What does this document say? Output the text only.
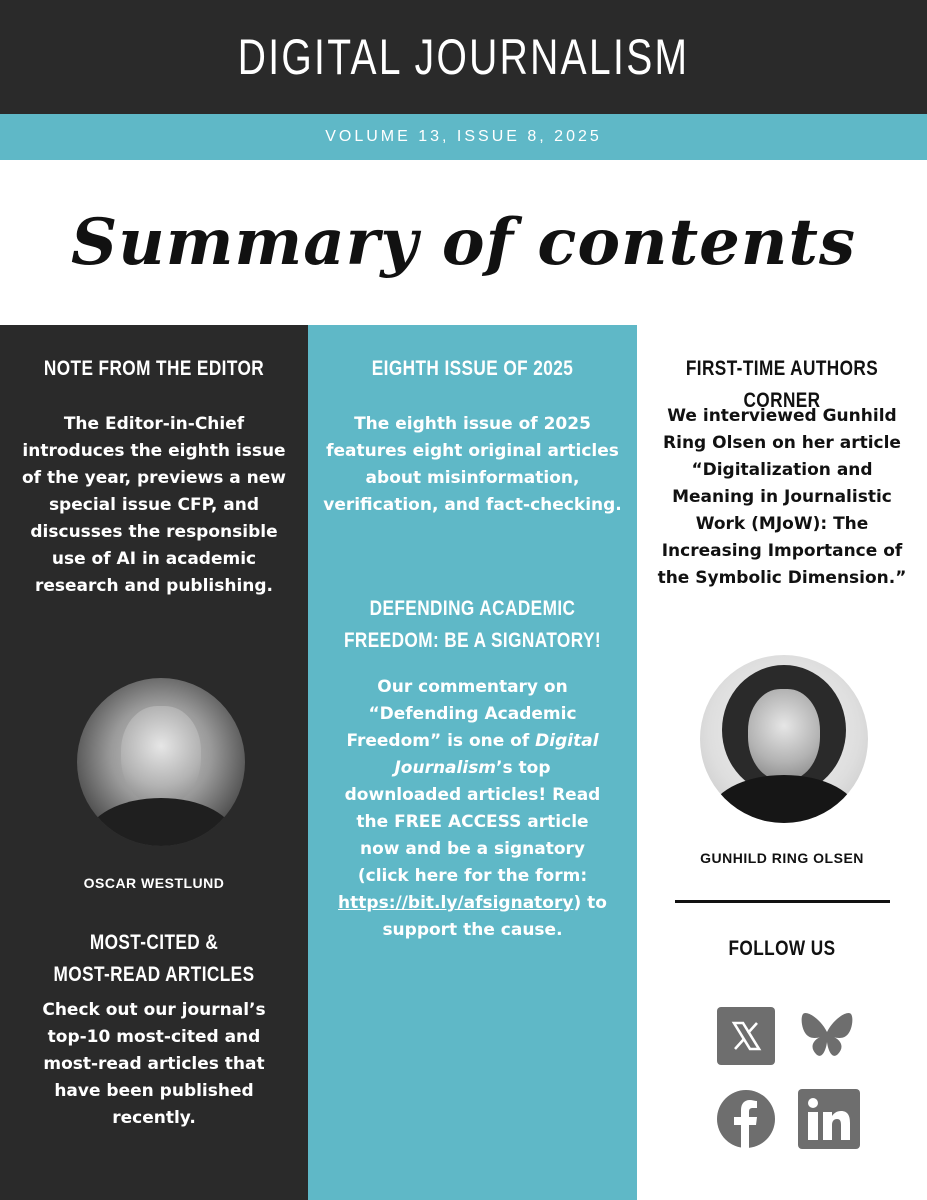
DIGITAL JOURNALISM
VOLUME 13, ISSUE 8, 2025
Summary of contents
NOTE FROM THE EDITOR
The Editor-in-Chief introduces the eighth issue of the year, previews a new special issue CFP, and discusses the responsible use of AI in academic research and publishing.
OSCAR WESTLUND
MOST-CITED &
MOST-READ ARTICLES
Check out our journal’s top-10 most-cited and most-read articles that have been published recently.
EIGHTH ISSUE OF 2025
The eighth issue of 2025 features eight original articles about misinformation, verification, and fact-checking.
DEFENDING ACADEMIC
FREEDOM: BE A SIGNATORY!
Our commentary on “Defending Academic Freedom” is one of Digital Journalism’s top downloaded articles! Read the FREE ACCESS article now and be a signatory (click here for the form: https://bit.ly/afsignatory) to support the cause.
FIRST-TIME AUTHORS CORNER
We interviewed Gunhild Ring Olsen on her article “Digitalization and Meaning in Journalistic Work (MJoW): The Increasing Importance of the Symbolic Dimension.”
GUNHILD RING OLSEN
FOLLOW US
